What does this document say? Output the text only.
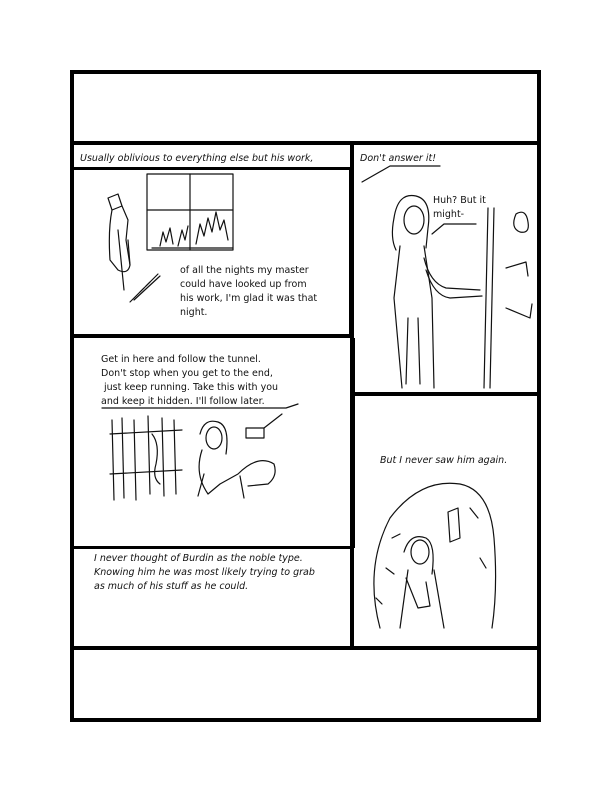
Usually oblivious to everything else but his work,
of all the nights my master
could have looked up from
his work, I'm glad it was that
night.
Don't answer it!
Huh? But it
might-
Get in here and follow the tunnel.
Don't stop when you get to the end,
just keep running. Take this with you
and keep it hidden. I'll follow later.
But I never saw him again.
I never thought of Burdin as the noble type.
Knowing him he was most likely trying to grab
as much of his stuff as he could.
